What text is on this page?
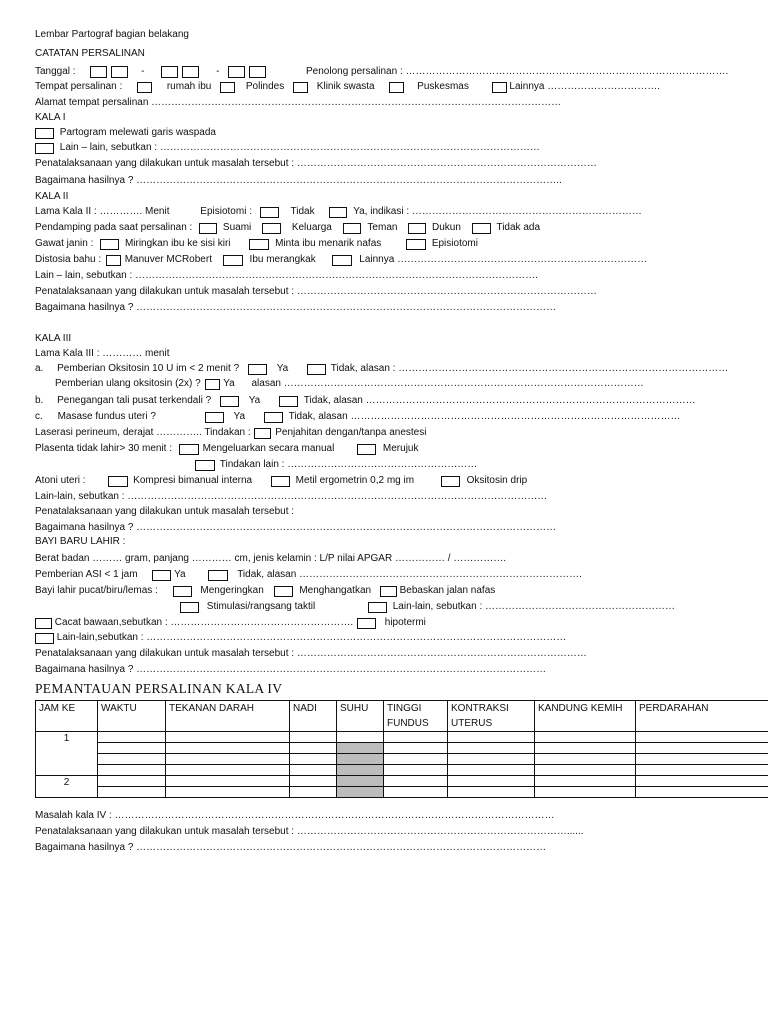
Lembar Partograf bagian belakang
CATATAN PERSALINAN
Tanggal :	-	-	Penolong persalinan : …………………………………………………………………………………….
Tempat persalinan :	rumah ibu	Polindes	Klinik swasta	Puskesmas	Lainnya …………………………….
Alamat tempat persalinan ……………………………………………………………………………………………………………
KALA I
Partogram melewati garis waspada
Lain – lain, sebutkan : ……………………………………………………………………………………………………
Penatalaksanaan yang dilakukan untuk masalah tersebut : ………………………………………………………………………………
Bagaimana hasilnya ? ………………………………………………………………………………………………………………..
KALA II
Lama Kala II : …………. Menit	Episiotomi :	Tidak	Ya, indikasi : ……………………………………………………………
Pendamping pada saat persalinan :	Suami	Keluarga	Teman	Dukun	Tidak ada
Gawat janin :	Miringkan ibu ke sisi kiri	Minta ibu menarik nafas	Episiotomi
Distosia bahu : Manuver MCRobert	Ibu merangkak	Lainnya …………………………………………………………………
Lain – lain, sebutkan : ………………………………………………………………………………………………………….
Penatalaksanaan yang dilakukan untuk masalah tersebut : ………………………………………………………………………………
Bagaimana hasilnya ? ………………………………………………………………………………………………………………
KALA III
Lama Kala III : ………… menit
a. Pemberian Oksitosin 10 U im < 2 menit ?	Ya	Tidak, alasan : ………………………………………………………………………………………
Pemberian ulang oksitosin (2x) ? Ya alasan ………………………………………………………………………………………………
b. Penegangan tali pusat terkendali ?	Ya	Tidak, alasan ………………………………………………………………………………………
c. Masase fundus uteri ?	Ya	Tidak, alasan ………………………………………………………………………………………
Laserasi perineum, derajat ………….. Tindakan : Penjahitan dengan/tanpa anestesi
Plasenta tidak lahir> 30 menit :	Mengeluarkan secara manual	Merujuk
Tindakan lain : …………………………………………………
Atoni uteri :	Kompresi bimanual interna	Metil ergometrin 0,2 mg im	Oksitosin drip
Lain-lain, sebutkan : ………………………………………………………………………………………………………………
Penatalaksanaan yang dilakukan untuk masalah tersebut :
Bagaimana hasilnya ? ………………………………………………………………………………………………………………
BAYI BARU LAHIR :
Berat badan ……… gram, panjang ………… cm, jenis kelamin : L/P nilai APGAR …………… / …………….
Pemberian ASI < 1 jam	Ya	Tidak, alasan ………………………………………………………………………….
Bayi lahir pucat/biru/lemas :	Mengeringkan	Menghangatkan	Bebaskan jalan nafas
Stimulasi/rangsang taktil	Lain-lain, sebutkan : …………………………………………………
Cacat bawaan,sebutkan : ……………………………………………….	hipotermi
Lain-lain,sebutkan : ………………………………………………………………………………………………………………
Penatalaksanaan yang dilakukan untuk masalah tersebut : ……………………………………………………………………………
Bagaimana hasilnya ? ……………………………………………………………………………………………………………
PEMANTAUAN PERSALINAN KALA IV
JAM KE	WAKTU	TEKANAN DARAH	NADI	SUHU	TINGGI FUNDUS	KONTRAKSI UTERUS	KANDUNG KEMIH	PERDARAHAN
1								

2								

Masalah kala IV : ……………………………………………………………………………………………………………………
Penatalaksanaan yang dilakukan untuk masalah tersebut : ………………………………………………………………………......
Bagaimana hasilnya ? ……………………………………………………………………………………………………………
